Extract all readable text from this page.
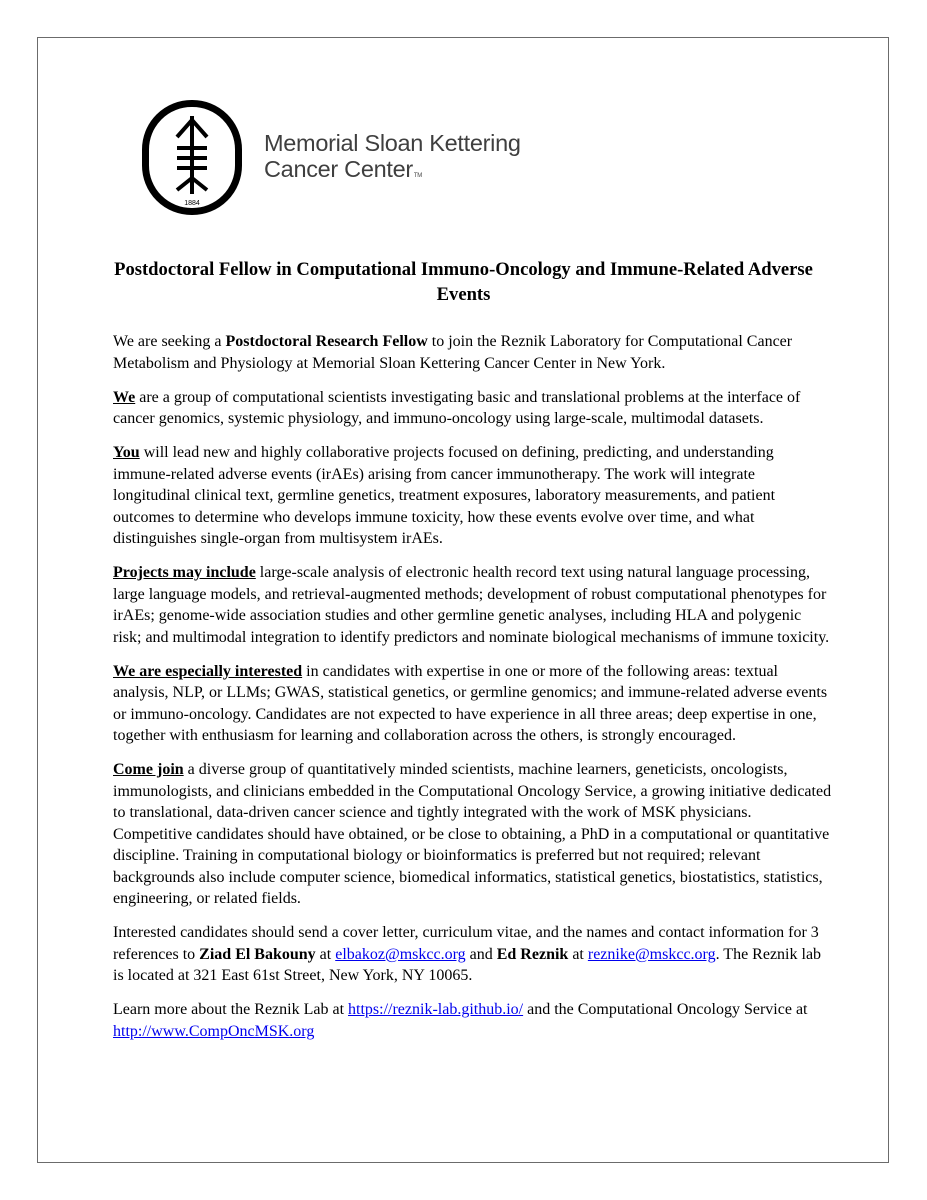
1884
Memorial Sloan Kettering
Cancer CenterTM
Postdoctoral Fellow in Computational Immuno-Oncology and Immune-Related Adverse Events

We are seeking a Postdoctoral Research Fellow to join the Reznik Laboratory for Computational Cancer Metabolism and Physiology at Memorial Sloan Kettering Cancer Center in New York.

We are a group of computational scientists investigating basic and translational problems at the interface of cancer genomics, systemic physiology, and immuno-oncology using large-scale, multimodal datasets.

You will lead new and highly collaborative projects focused on defining, predicting, and understanding immune-related adverse events (irAEs) arising from cancer immunotherapy. The work will integrate longitudinal clinical text, germline genetics, treatment exposures, laboratory measurements, and patient outcomes to determine who develops immune toxicity, how these events evolve over time, and what distinguishes single-organ from multisystem irAEs.

Projects may include large-scale analysis of electronic health record text using natural language processing, large language models, and retrieval-augmented methods; development of robust computational phenotypes for irAEs; genome-wide association studies and other germline genetic analyses, including HLA and polygenic risk; and multimodal integration to identify predictors and nominate biological mechanisms of immune toxicity.

We are especially interested in candidates with expertise in one or more of the following areas: textual analysis, NLP, or LLMs; GWAS, statistical genetics, or germline genomics; and immune-related adverse events or immuno-oncology. Candidates are not expected to have experience in all three areas; deep expertise in one, together with enthusiasm for learning and collaboration across the others, is strongly encouraged.

Come join a diverse group of quantitatively minded scientists, machine learners, geneticists, oncologists, immunologists, and clinicians embedded in the Computational Oncology Service, a growing initiative dedicated to translational, data-driven cancer science and tightly integrated with the work of MSK physicians. Competitive candidates should have obtained, or be close to obtaining, a PhD in a computational or quantitative discipline. Training in computational biology or bioinformatics is preferred but not required; relevant backgrounds also include computer science, biomedical informatics, statistical genetics, biostatistics, statistics, engineering, or related fields.

Interested candidates should send a cover letter, curriculum vitae, and the names and contact information for 3 references to Ziad El Bakouny at elbakoz@mskcc.org and Ed Reznik at reznike@mskcc.org. The Reznik lab is located at 321 East 61st Street, New York, NY 10065.

Learn more about the Reznik Lab at https://reznik-lab.github.io/ and the Computational Oncology Service at http://www.CompOncMSK.org
